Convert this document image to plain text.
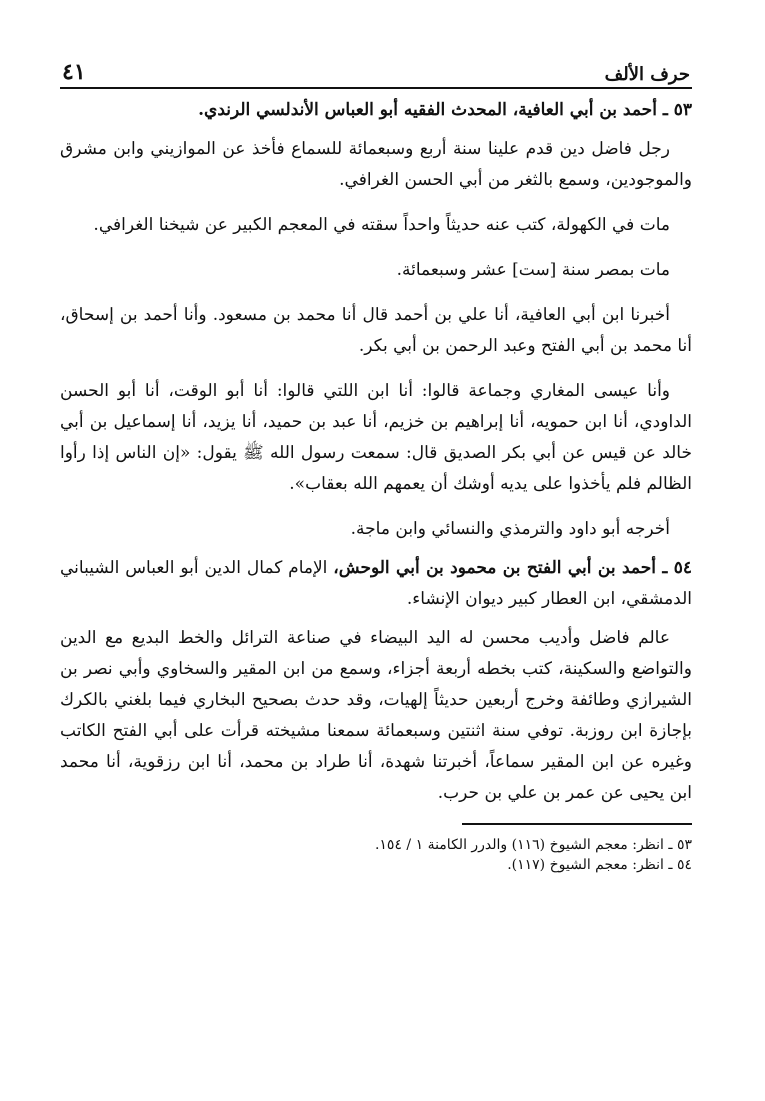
حرف الألف
٤١

٥٣ ـ أحمد بن أبي العافية، المحدث الفقيه أبو العباس الأندلسي الرندي.

رجل فاضل دين قدم علينا سنة أربع وسبعمائة للسماع فأخذ عن الموازيني وابن مشرق والموجودين، وسمع بالثغر من أبي الحسن الغرافي.

مات في الكهولة، كتب عنه حديثاً واحداً سقته في المعجم الكبير عن شيخنا الغرافي.

مات بمصر سنة [ست] عشر وسبعمائة.

أخبرنا ابن أبي العافية، أنا علي بن أحمد قال أنا محمد بن مسعود. وأنا أحمد بن إسحاق، أنا محمد بن أبي الفتح وعبد الرحمن بن أبي بكر.

وأنا عيسى المغاري وجماعة قالوا: أنا ابن اللتي قالوا: أنا أبو الوقت، أنا أبو الحسن الداودي، أنا ابن حمويه، أنا إبراهيم بن خزيم، أنا عبد بن حميد، أنا يزيد، أنا إسماعيل بن أبي خالد عن قيس عن أبي بكر الصديق قال: سمعت رسول الله ﷺ يقول: «إن الناس إذا رأوا الظالم فلم يأخذوا على يديه أوشك أن يعمهم الله بعقاب».

أخرجه أبو داود والترمذي والنسائي وابن ماجة.

٥٤ ـ أحمد بن أبي الفتح بن محمود بن أبي الوحش، الإمام كمال الدين أبو العباس الشيباني الدمشقي، ابن العطار كبير ديوان الإنشاء.

عالم فاضل وأديب محسن له اليد البيضاء في صناعة الترائل والخط البديع مع الدين والتواضع والسكينة، كتب بخطه أربعة أجزاء، وسمع من ابن المقير والسخاوي وأبي نصر بن الشيرازي وطائفة وخرج أربعين حديثاً إلهيات، وقد حدث بصحيح البخاري فيما بلغني بالكرك بإجازة ابن روزبة. توفي سنة اثنتين وسبعمائة سمعنا مشيخته قرأت على أبي الفتح الكاتب وغيره عن ابن المقير سماعاً، أخبرتنا شهدة، أنا طراد بن محمد، أنا ابن رزقوية، أنا محمد ابن يحيى عن عمر بن علي بن حرب.

٥٣ ـ انظر: معجم الشيوخ (١١٦) والدرر الكامنة ١ / ١٥٤.
٥٤ ـ انظر: معجم الشيوخ (١١٧).
